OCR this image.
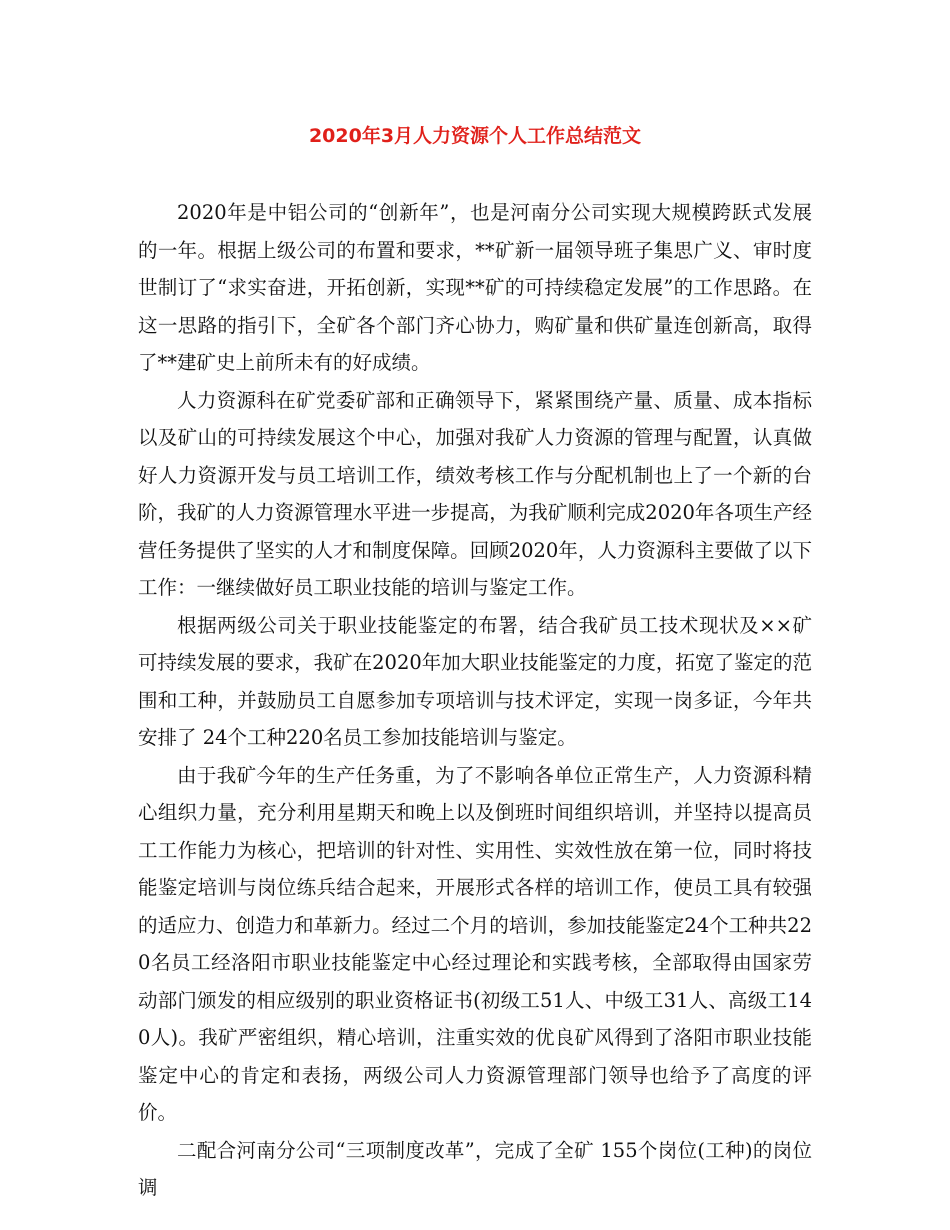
2020年3月人力资源个人工作总结范文

2020年是中铝公司的“创新年”，也是河南分公司实现大规模跨跃式发展的一年。根据上级公司的布置和要求，**矿新一届领导班子集思广义、审时度世制订了“求实奋进，开拓创新，实现**矿的可持续稳定发展”的工作思路。在这一思路的指引下，全矿各个部门齐心协力，购矿量和供矿量连创新高，取得了**建矿史上前所未有的好成绩。

人力资源科在矿党委矿部和正确领导下，紧紧围绕产量、质量、成本指标以及矿山的可持续发展这个中心，加强对我矿人力资源的管理与配置，认真做好人力资源开发与员工培训工作，绩效考核工作与分配机制也上了一个新的台阶，我矿的人力资源管理水平进一步提高，为我矿顺利完成2020年各项生产经营任务提供了坚实的人才和制度保障。回顾2020年，人力资源科主要做了以下工作：一继续做好员工职业技能的培训与鉴定工作。

根据两级公司关于职业技能鉴定的布署，结合我矿员工技术现状及××矿可持续发展的要求，我矿在2020年加大职业技能鉴定的力度，拓宽了鉴定的范围和工种，并鼓励员工自愿参加专项培训与技术评定，实现一岗多证，今年共安排了 24个工种220名员工参加技能培训与鉴定。

由于我矿今年的生产任务重，为了不影响各单位正常生产，人力资源科精心组织力量，充分利用星期天和晚上以及倒班时间组织培训，并坚持以提高员工工作能力为核心，把培训的针对性、实用性、实效性放在第一位，同时将技能鉴定培训与岗位练兵结合起来，开展形式各样的培训工作，使员工具有较强的适应力、创造力和革新力。经过二个月的培训，参加技能鉴定24个工种共220名员工经洛阳市职业技能鉴定中心经过理论和实践考核，全部取得由国家劳动部门颁发的相应级别的职业资格证书(初级工51人、中级工31人、高级工140人)。我矿严密组织，精心培训，注重实效的优良矿风得到了洛阳市职业技能鉴定中心的肯定和表扬，两级公司人力资源管理部门领导也给予了高度的评价。

二配合河南分公司“三项制度改革”，完成了全矿 155个岗位(工种)的岗位调
